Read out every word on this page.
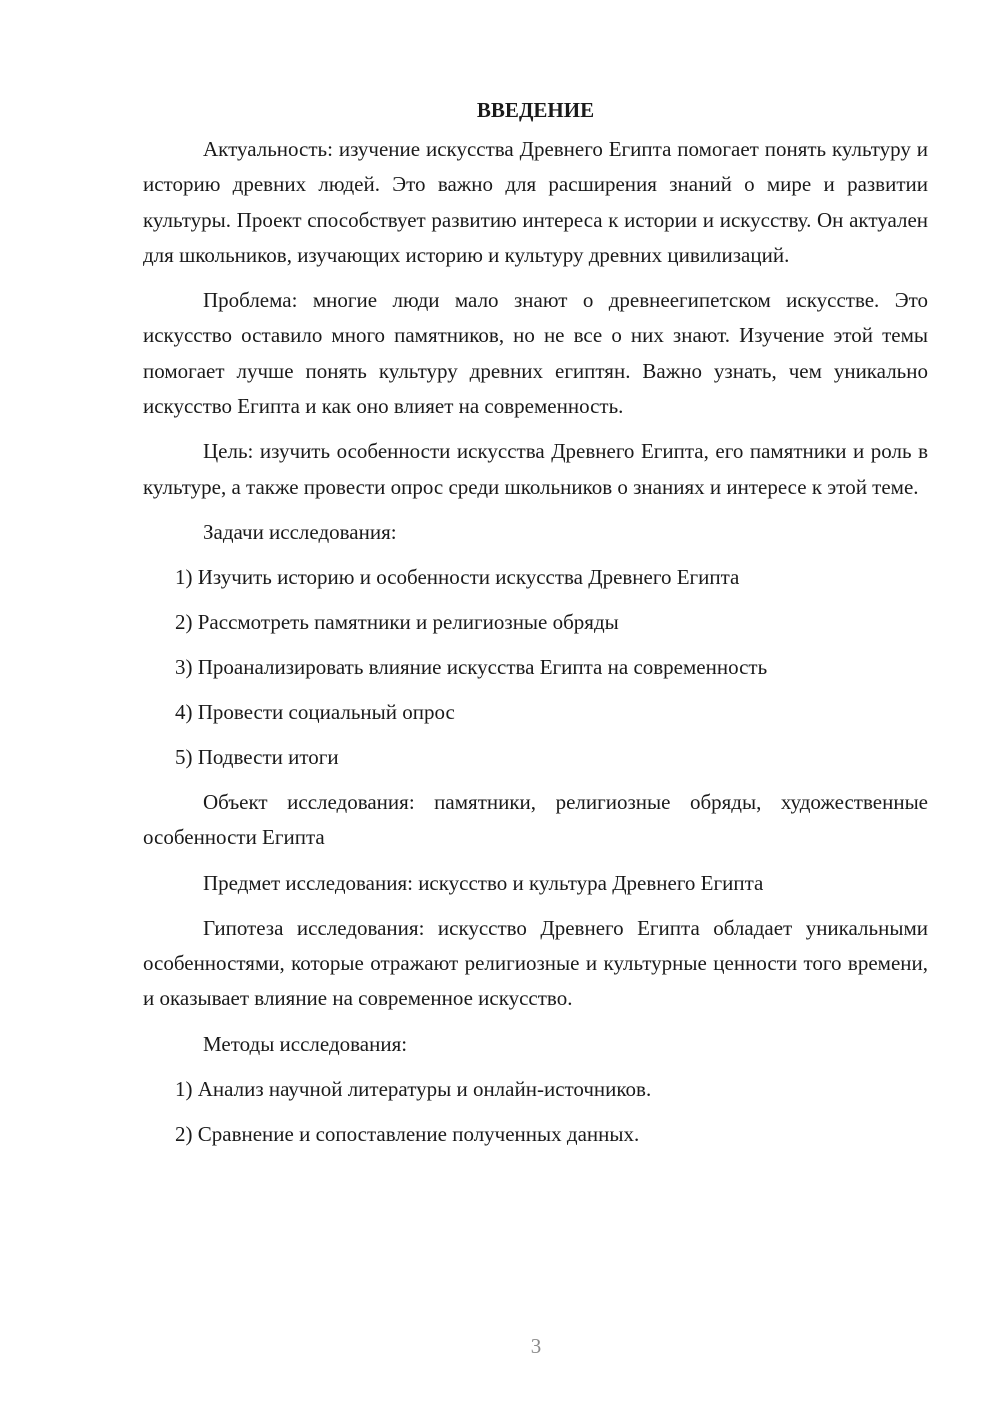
ВВЕДЕНИЕ

Актуальность: изучение искусства Древнего Египта помогает понять культуру и историю древних людей. Это важно для расширения знаний о мире и развитии культуры. Проект способствует развитию интереса к истории и искусству. Он актуален для школьников, изучающих историю и культуру древних цивилизаций.

Проблема: многие люди мало знают о древнеегипетском искусстве. Это искусство оставило много памятников, но не все о них знают. Изучение этой темы помогает лучше понять культуру древних египтян. Важно узнать, чем уникально искусство Египта и как оно влияет на современность.

Цель: изучить особенности искусства Древнего Египта, его памятники и роль в культуре, а также провести опрос среди школьников о знаниях и интересе к этой теме.

Задачи исследования:

1) Изучить историю и особенности искусства Древнего Египта
2) Рассмотреть памятники и религиозные обряды
3) Проанализировать влияние искусства Египта на современность
4) Провести социальный опрос
5) Подвести итоги

Объект исследования: памятники, религиозные обряды, художественные особенности Египта

Предмет исследования: искусство и культура Древнего Египта

Гипотеза исследования: искусство Древнего Египта обладает уникальными особенностями, которые отражают религиозные и культурные ценности того времени, и оказывает влияние на современное искусство.

Методы исследования:

1) Анализ научной литературы и онлайн-источников.
2) Сравнение и сопоставление полученных данных.
3
